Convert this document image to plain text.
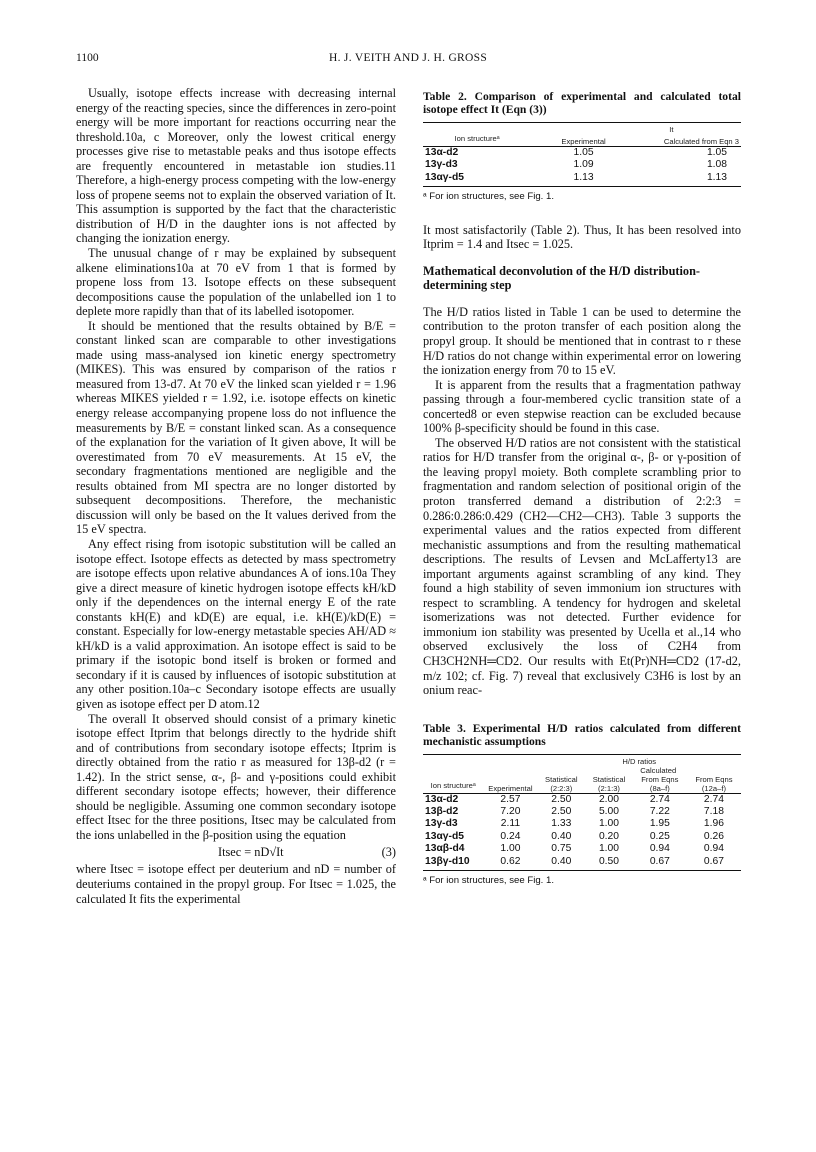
1100	H. J. VEITH AND J. H. GROSS

Usually, isotope effects increase with decreasing internal energy of the reacting species, since the differences in zero-point energy will be more important for reactions occurring near the threshold.10a, c Moreover, only the lowest critical energy processes give rise to metastable peaks and thus isotope effects are frequently encountered in metastable ion studies.11 Therefore, a high-energy process competing with the low-energy loss of propene seems not to explain the observed variation of It. This assumption is supported by the fact that the characteristic distribution of H/D in the daughter ions is not affected by changing the ionization energy.

The unusual change of r may be explained by subsequent alkene eliminations10a at 70 eV from 1 that is formed by propene loss from 13. Isotope effects on these subsequent decompositions cause the population of the unlabelled ion 1 to deplete more rapidly than that of its labelled isotopomer.

It should be mentioned that the results obtained by B/E = constant linked scan are comparable to other investigations made using mass-analysed ion kinetic energy spectrometry (MIKES). This was ensured by comparison of the ratios r measured from 13-d7. At 70 eV the linked scan yielded r = 1.96 whereas MIKES yielded r = 1.92, i.e. isotope effects on kinetic energy release accompanying propene loss do not influence the measurements by B/E = constant linked scan. As a consequence of the explanation for the variation of It given above, It will be overestimated from 70 eV measurements. At 15 eV, the secondary fragmentations mentioned are negligible and the results obtained from MI spectra are no longer distorted by subsequent decompositions. Therefore, the mechanistic discussion will only be based on the It values derived from the 15 eV spectra.

Any effect rising from isotopic substitution will be called an isotope effect. Isotope effects as detected by mass spectrometry are isotope effects upon relative abundances A of ions.10a They give a direct measure of kinetic hydrogen isotope effects kH/kD only if the dependences on the internal energy E of the rate constants kH(E) and kD(E) are equal, i.e. kH(E)/kD(E) = constant. Especially for low-energy metastable species AH/AD ≈ kH/kD is a valid approximation. An isotope effect is said to be primary if the isotopic bond itself is broken or formed and secondary if it is caused by influences of isotopic substitution at any other position.10a–c Secondary isotope effects are usually given as isotope effect per D atom.12

The overall It observed should consist of a primary kinetic isotope effect Itprim that belongs directly to the hydride shift and of contributions from secondary isotope effects; Itprim is directly obtained from the ratio r as measured for 13β-d2 (r = 1.42). In the strict sense, α-, β- and γ-positions could exhibit different secondary isotope effects; however, their difference should be negligible. Assuming one common secondary isotope effect Itsec for the three positions, Itsec may be calculated from the ions unlabelled in the β-position using the equation

Itsec = nD√It	(3)

where Itsec = isotope effect per deuterium and nD = number of deuteriums contained in the propyl group. For Itsec = 1.025, the calculated It fits the experimental

Table 2. Comparison of experimental and calculated total isotope effect It (Eqn (3))
		It	
Ion structureᵃ	Experimental	Calculated from Eqn 3	
13α-d2	1.05	1.05
13γ-d3	1.09	1.08
13αγ-d5	1.13	1.13
ᵃ For ion structures, see Fig. 1.

It most satisfactorily (Table 2). Thus, It has been resolved into Itprim = 1.4 and Itsec = 1.025.

Mathematical deconvolution of the H/D distribution-determining step

The H/D ratios listed in Table 1 can be used to determine the contribution to the proton transfer of each position along the propyl group. It should be mentioned that in contrast to r these H/D ratios do not change within experimental error on lowering the ionization energy from 70 to 15 eV.

It is apparent from the results that a fragmentation pathway passing through a four-membered cyclic transition state of a concerted8 or even stepwise reaction can be excluded because 100% β-specificity should be found in this case.

The observed H/D ratios are not consistent with the statistical ratios for H/D transfer from the original α-, β- or γ-position of the leaving propyl moiety. Both complete scrambling prior to fragmentation and random selection of positional origin of the proton transferred demand a distribution of 2:2:3 = 0.286:0.286:0.429 (CH2—CH2—CH3). Table 3 supports the experimental values and the ratios expected from different mechanistic assumptions and from the resulting mathematical descriptions. The results of Levsen and McLafferty13 are important arguments against scrambling of any kind. They found a high stability of seven immonium ion structures with respect to scrambling. A tendency for hydrogen and skeletal isomerizations was not detected. Further evidence for immonium ion stability was presented by Ucella et al.,14 who observed exclusively the loss of C2H4 from CH3CH2NH═CD2. Our results with Et(Pr)NH═CD2 (17-d2, m/z 102; cf. Fig. 7) reveal that exclusively C3H6 is lost by an onium reac-

Table 3. Experimental H/D ratios calculated from different mechanistic assumptions
		H/D ratios			
		Calculated			
Ion structureᵃ	Experimental	Statistical (2:2:3)	Statistical (2:1:3)	From Eqns (8a–f)	From Eqns (12a–f)
13α-d2	2.57	2.50	2.00	2.74	2.74
13β-d2	7.20	2.50	5.00	7.22	7.18
13γ-d3	2.11	1.33	1.00	1.95	1.96
13αγ-d5	0.24	0.40	0.20	0.25	0.26
13αβ-d4	1.00	0.75	1.00	0.94	0.94
13βγ-d10	0.62	0.40	0.50	0.67	0.67
ᵃ For ion structures, see Fig. 1.
